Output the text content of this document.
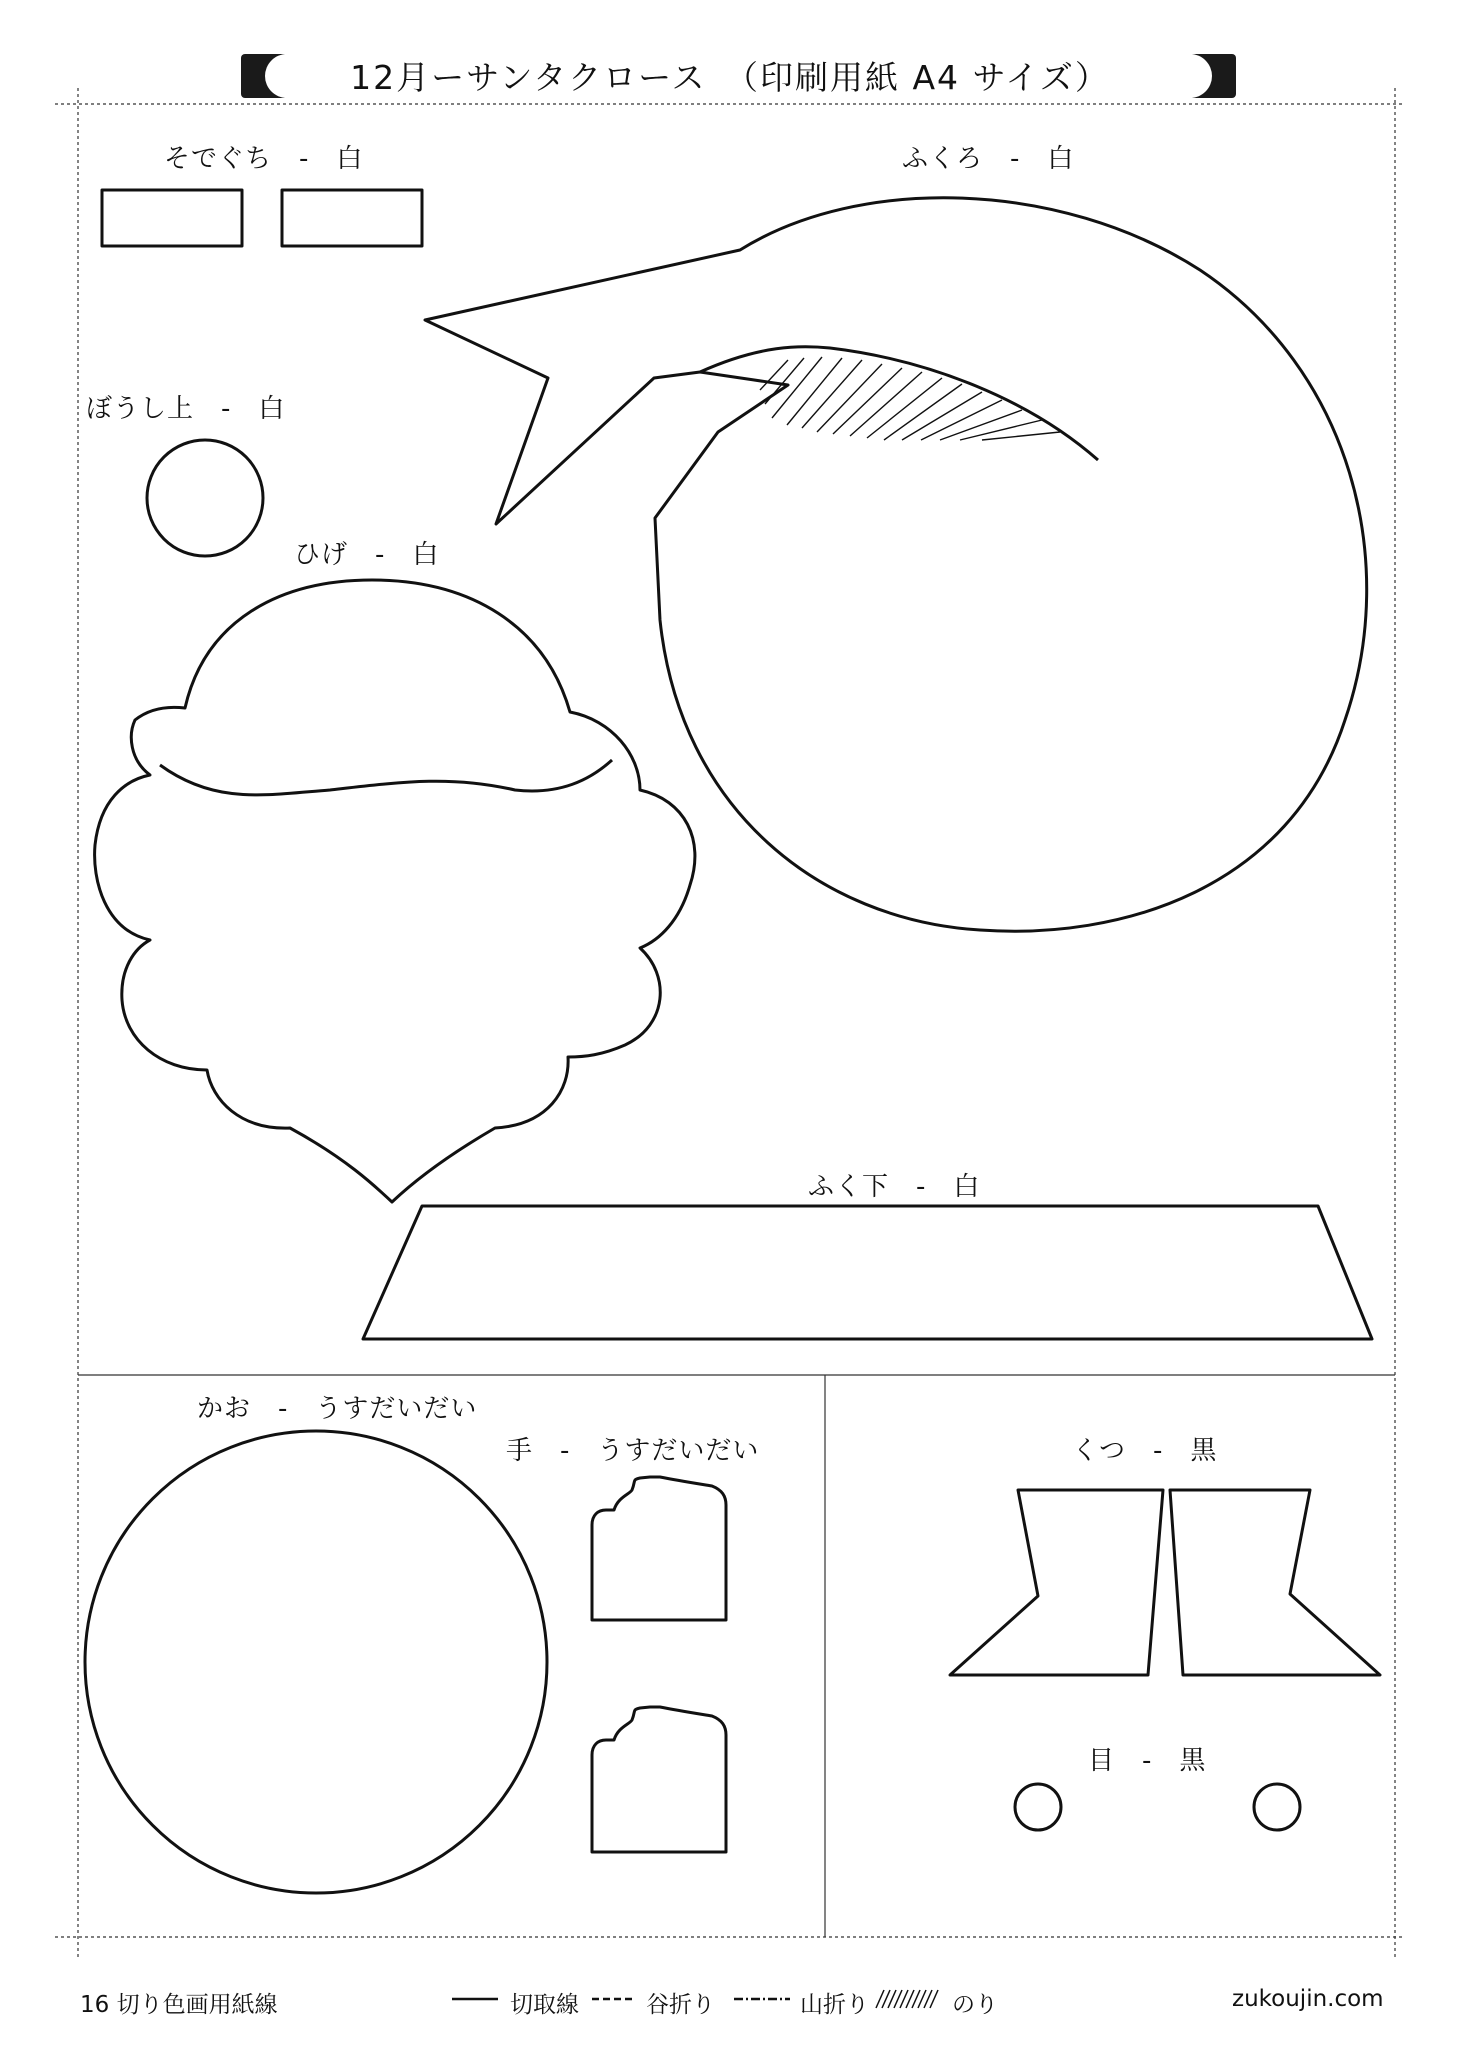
12月ーサンタクロース　（印刷用紙 A4 サイズ）
そでぐち　-　白	ふくろ　-　白
ぼうし上　-　白
ひげ　-　白
ふく下　-　白
かお　-　うすだいだい
手　-　うすだいだい	くつ　-　黒
目　-　黒
16 切り色画用紙線	切取線	谷折り	山折り	のり	zukoujin.com
